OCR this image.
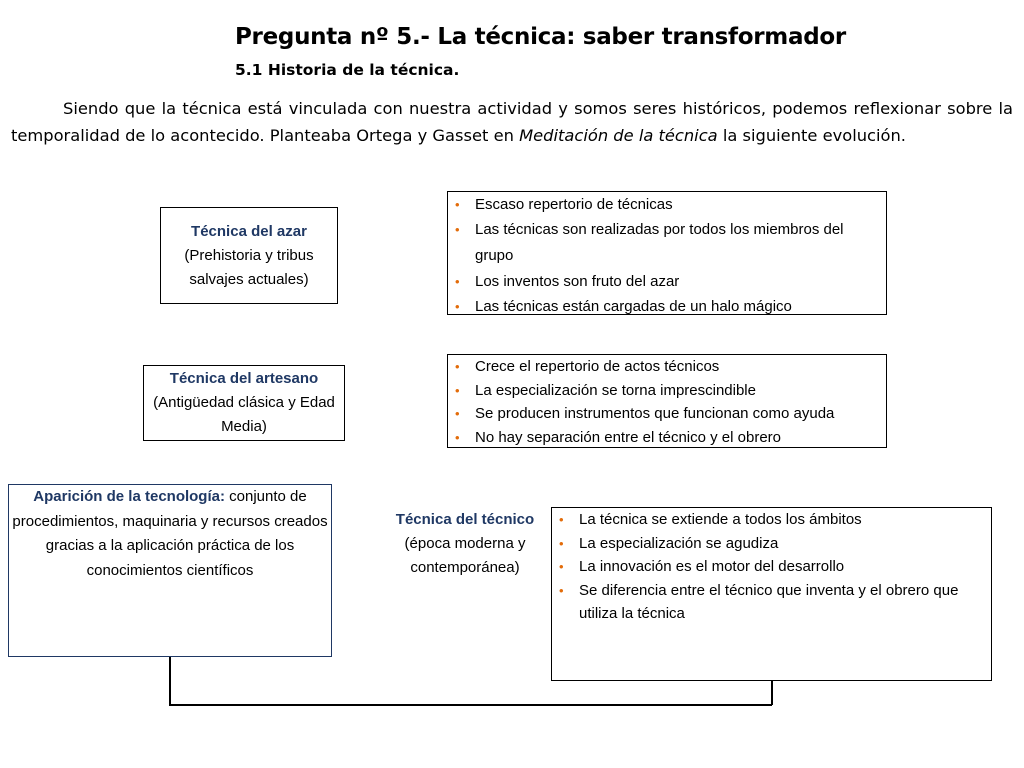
Pregunta nº 5.- La técnica: saber transformador
5.1 Historia de la técnica.

Siendo que la técnica está vinculada con nuestra actividad y somos seres históricos, podemos reflexionar sobre la temporalidad de lo acontecido. Planteaba Ortega y Gasset en Meditación de la técnica la siguiente evolución.

Técnica del azar
(Prehistoria y tribus salvajes actuales)
• Escaso repertorio de técnicas
• Las técnicas son realizadas por todos los miembros del grupo
• Los inventos son fruto del azar
• Las técnicas están cargadas de un halo mágico
Técnica del artesano
(Antigüedad clásica y Edad Media)
• Crece el repertorio de actos técnicos
• La especialización se torna imprescindible
• Se producen instrumentos que funcionan como ayuda
• No hay separación entre el técnico y el obrero
Aparición de la tecnología: conjunto de procedimientos, maquinaria y recursos creados gracias a la aplicación práctica de los conocimientos científicos
Técnica del técnico
(época moderna y contemporánea)
• La técnica se extiende a todos los ámbitos
• La especialización se agudiza
• La innovación es el motor del desarrollo
• Se diferencia entre el técnico que inventa y el obrero que utiliza la técnica
